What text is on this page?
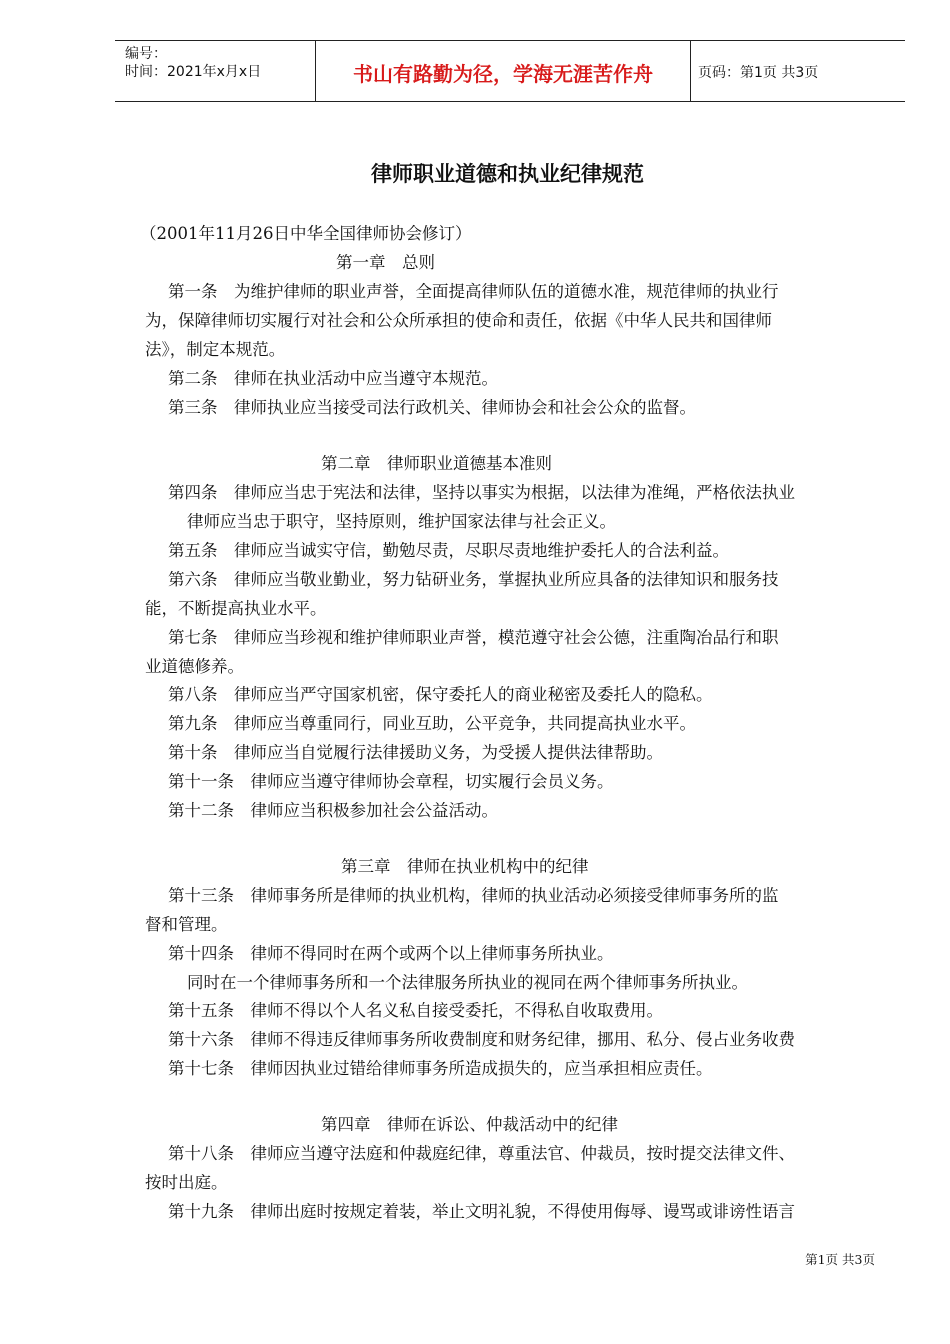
编号：
时间：2021年x月x日	书山有路勤为径，学海无涯苦作舟	页码：第1页 共3页
律师职业道德和执业纪律规范
（2001年11月26日中华全国律师协会修订）
第一章　总则
第一条　为维护律师的职业声誉，全面提高律师队伍的道德水准，规范律师的执业行
为，保障律师切实履行对社会和公众所承担的使命和责任，依据《中华人民共和国律师
法》，制定本规范。
第二条　律师在执业活动中应当遵守本规范。
第三条　律师执业应当接受司法行政机关、律师协会和社会公众的监督。
第二章　律师职业道德基本准则
第四条　律师应当忠于宪法和法律，坚持以事实为根据，以法律为准绳，严格依法执业
律师应当忠于职守，坚持原则，维护国家法律与社会正义。
第五条　律师应当诚实守信，勤勉尽责，尽职尽责地维护委托人的合法利益。
第六条　律师应当敬业勤业，努力钻研业务，掌握执业所应具备的法律知识和服务技
能，不断提高执业水平。
第七条　律师应当珍视和维护律师职业声誉，模范遵守社会公德，注重陶冶品行和职
业道德修养。
第八条　律师应当严守国家机密，保守委托人的商业秘密及委托人的隐私。
第九条　律师应当尊重同行，同业互助，公平竞争，共同提高执业水平。
第十条　律师应当自觉履行法律援助义务，为受援人提供法律帮助。
第十一条　律师应当遵守律师协会章程，切实履行会员义务。
第十二条　律师应当积极参加社会公益活动。
第三章　律师在执业机构中的纪律
第十三条　律师事务所是律师的执业机构，律师的执业活动必须接受律师事务所的监
督和管理。
第十四条　律师不得同时在两个或两个以上律师事务所执业。
同时在一个律师事务所和一个法律服务所执业的视同在两个律师事务所执业。
第十五条　律师不得以个人名义私自接受委托，不得私自收取费用。
第十六条　律师不得违反律师事务所收费制度和财务纪律，挪用、私分、侵占业务收费
第十七条　律师因执业过错给律师事务所造成损失的，应当承担相应责任。
第四章　律师在诉讼、仲裁活动中的纪律
第十八条　律师应当遵守法庭和仲裁庭纪律，尊重法官、仲裁员，按时提交法律文件、
按时出庭。
第十九条　律师出庭时按规定着装，举止文明礼貌，不得使用侮辱、谩骂或诽谤性语言
第1页 共3页
